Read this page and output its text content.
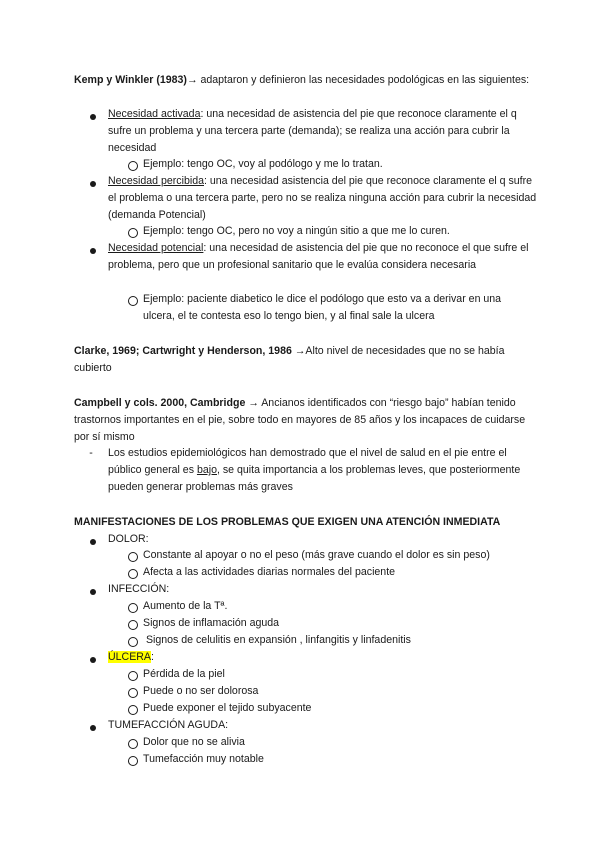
Kemp y Winkler (1983)→ adaptaron y definieron las necesidades podológicas en las siguientes:
Necesidad activada: una necesidad de asistencia del pie que reconoce claramente el q sufre un problema y una tercera parte (demanda); se realiza una acción para cubrir la necesidad
Ejemplo: tengo OC, voy al podólogo y me lo tratan.
Necesidad percibida: una necesidad asistencia del pie que reconoce claramente el q sufre el problema o una tercera parte, pero no se realiza ninguna acción para cubrir la necesidad (demanda Potencial)
Ejemplo: tengo OC, pero no voy a ningún sitio a que me lo curen.
Necesidad potencial: una necesidad de asistencia del pie que no reconoce el que sufre el problema, pero que un profesional sanitario que le evalúa considera necesaria
Ejemplo: paciente diabetico le dice el podólogo que esto va a derivar en una ulcera, el te contesta eso lo tengo bien, y al final sale la ulcera
Clarke, 1969; Cartwright y Henderson, 1986 →Alto nivel de necesidades que no se había cubierto
Campbell y cols. 2000, Cambridge → Ancianos identificados con “riesgo bajo” habían tenido trastornos importantes en el pie, sobre todo en mayores de 85 años y los incapaces de cuidarse por sí mismo
-	Los estudios epidemiológicos han demostrado que el nivel de salud en el pie entre el público general es bajo, se quita importancia a los problemas leves, que posteriormente pueden generar problemas más graves
MANIFESTACIONES DE LOS PROBLEMAS QUE EXIGEN UNA ATENCIÓN INMEDIATA
DOLOR:
Constante al apoyar o no el peso (más grave cuando el dolor es sin peso)
Afecta a las actividades diarias normales del paciente
INFECCIÓN:
Aumento de la Tª.
Signos de inflamación aguda
Signos de celulitis en expansión , linfangitis y linfadenitis
ÚLCERA:
Pérdida de la piel
Puede o no ser dolorosa
Puede exponer el tejido subyacente
TUMEFACCIÓN AGUDA:
Dolor que no se alivia
Tumefacción muy notable
